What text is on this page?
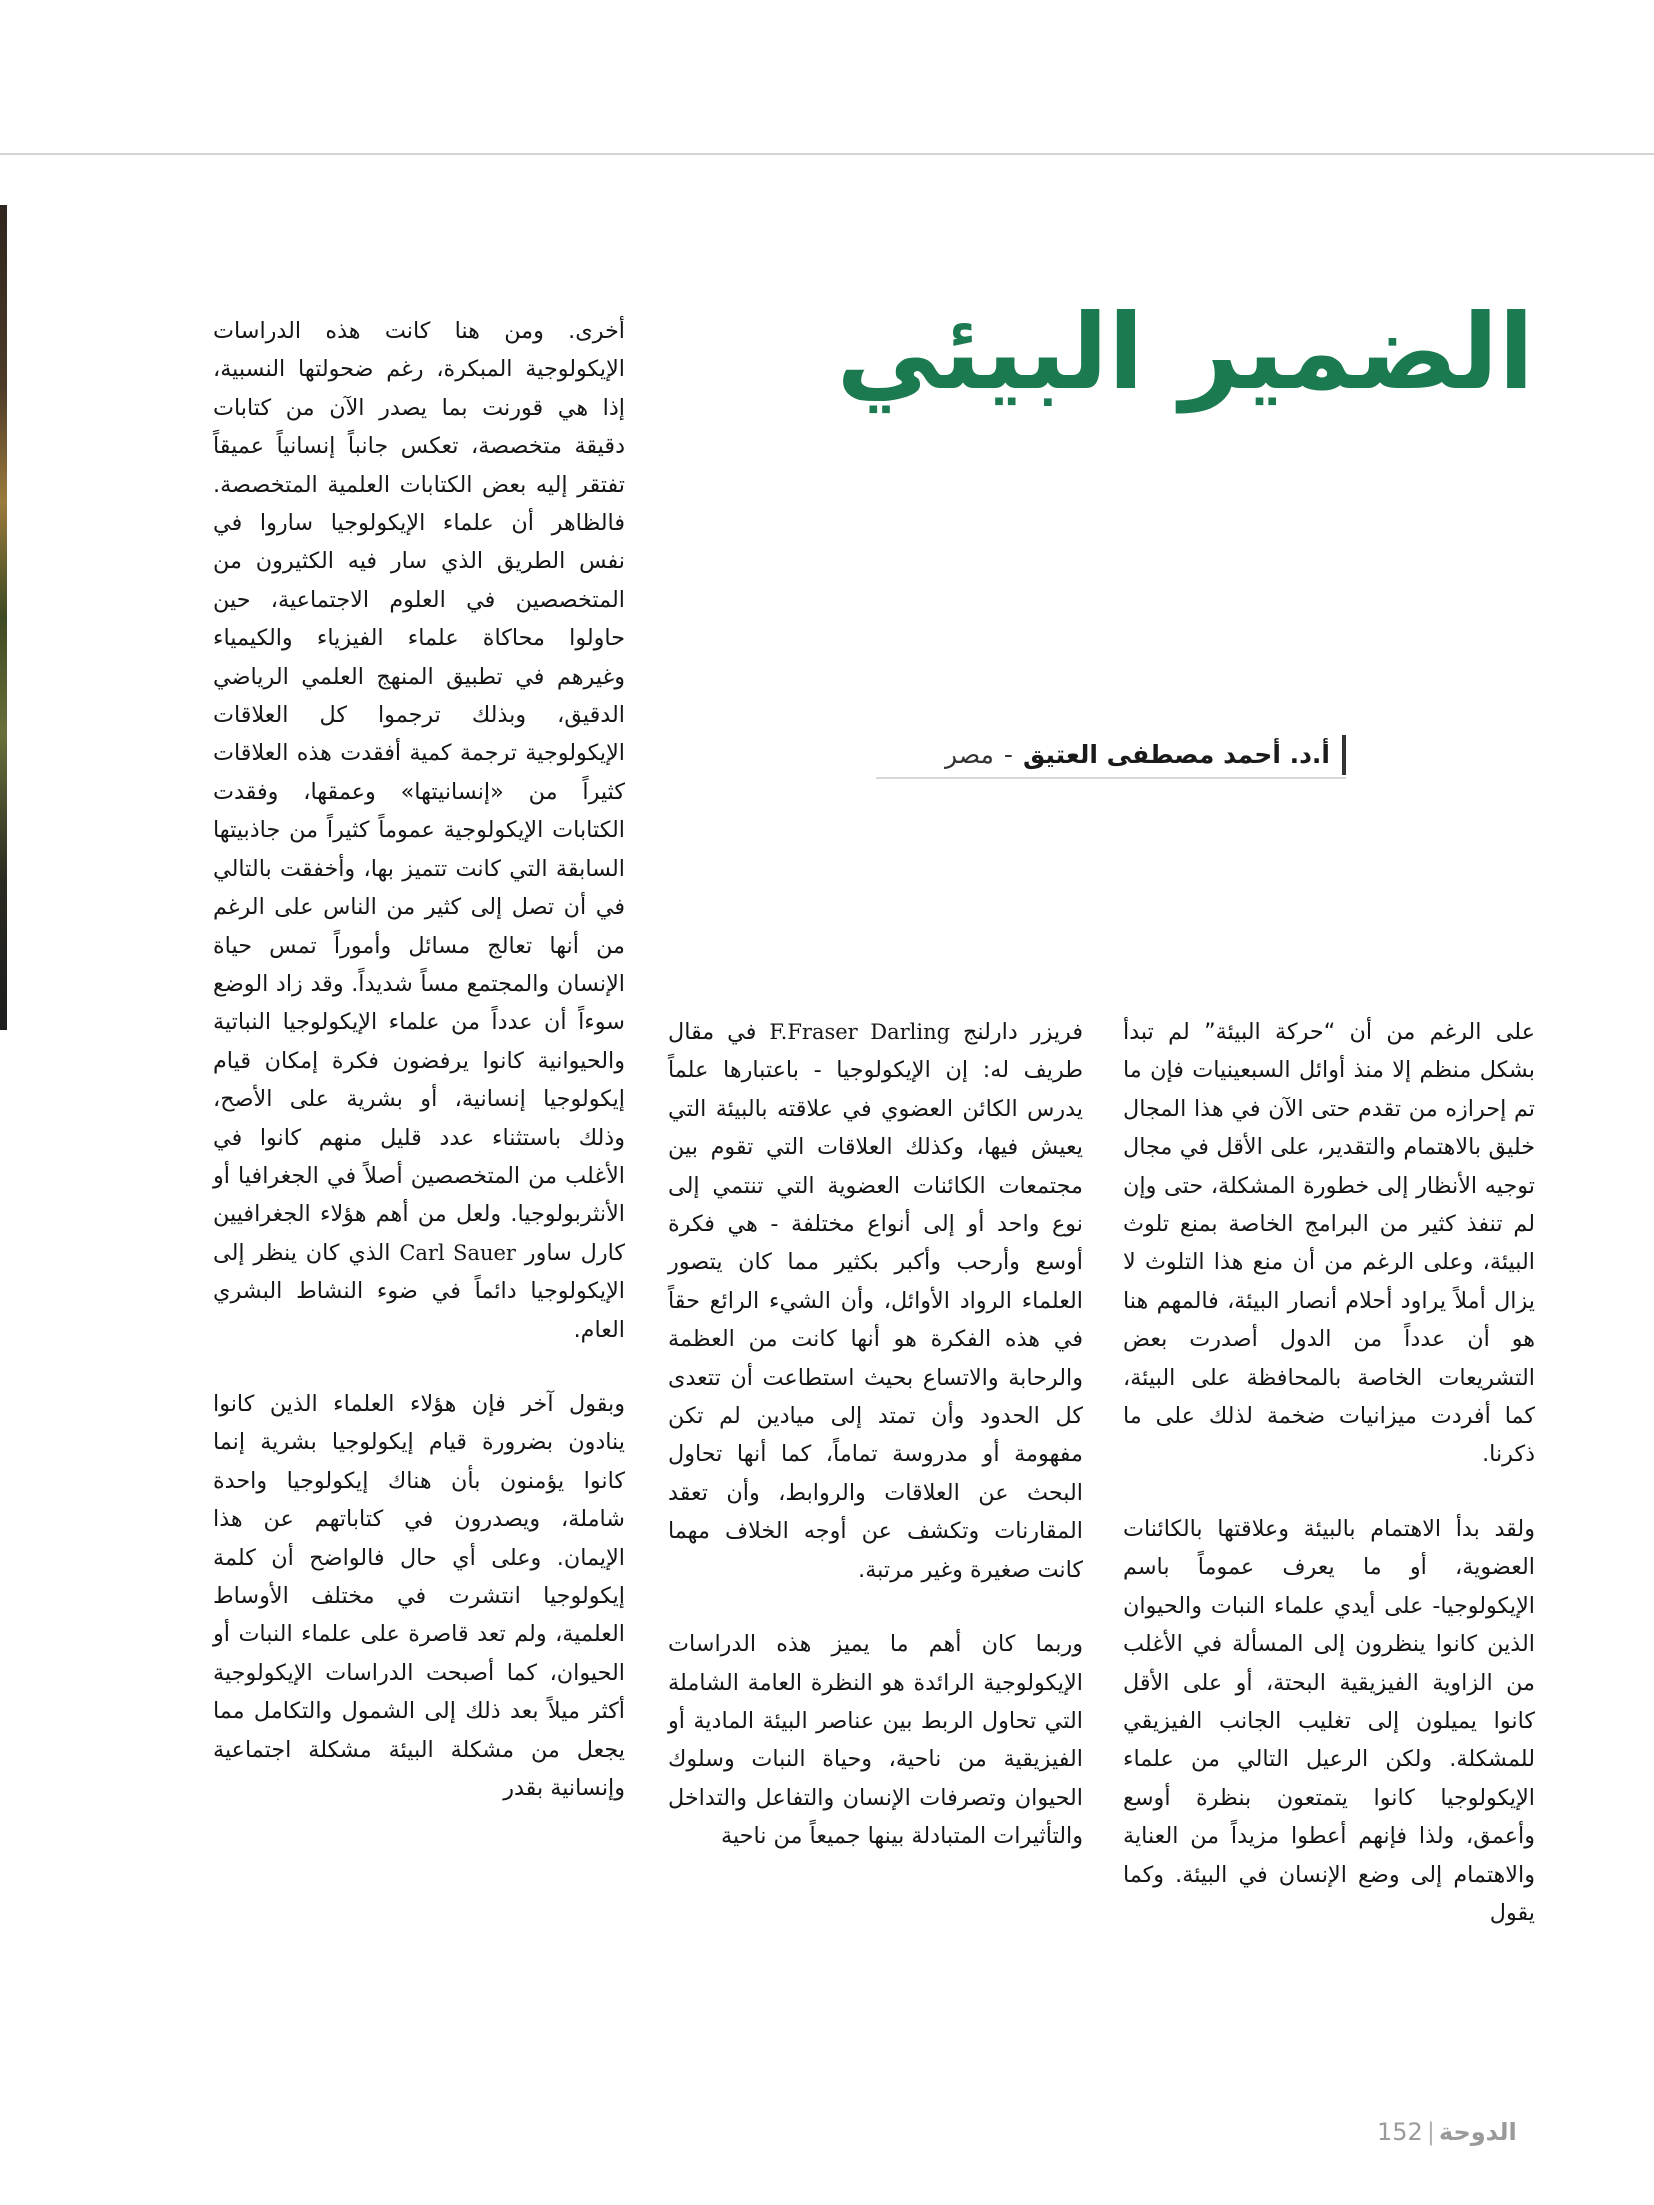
الضمير البيئي
أ.د. أحمد مصطفى العتيق-مصر

على الرغم من أن “حركة البيئة” لم تبدأ بشكل منظم إلا منذ أوائل السبعينيات فإن ما تم إحرازه من تقدم حتى الآن في هذا المجال خليق بالاهتمام والتقدير، على الأقل في مجال توجيه الأنظار إلى خطورة المشكلة، حتى وإن لم تنفذ كثير من البرامج الخاصة بمنع تلوث البيئة، وعلى الرغم من أن منع هذا التلوث لا يزال أملاً يراود أحلام أنصار البيئة، فالمهم هنا هو أن عدداً من الدول أصدرت بعض التشريعات الخاصة بالمحافظة على البيئة، كما أفردت ميزانيات ضخمة لذلك على ما ذكرنا.

ولقد بدأ الاهتمام بالبيئة وعلاقتها بالكائنات العضوية، أو ما يعرف عموماً باسم الإيكولوجيا- على أيدي علماء النبات والحيوان الذين كانوا ينظرون إلى المسألة في الأغلب من الزاوية الفيزيقية البحتة، أو على الأقل كانوا يميلون إلى تغليب الجانب الفيزيقي للمشكلة. ولكن الرعيل التالي من علماء الإيكولوجيا كانوا يتمتعون بنظرة أوسع وأعمق، ولذا فإنهم أعطوا مزيداً من العناية والاهتمام إلى وضع الإنسان في البيئة. وكما يقول

فريزر دارلنج F.Fraser Darling في مقال طريف له: إن الإيكولوجيا - باعتبارها علماً يدرس الكائن العضوي في علاقته بالبيئة التي يعيش فيها، وكذلك العلاقات التي تقوم بين مجتمعات الكائنات العضوية التي تنتمي إلى نوع واحد أو إلى أنواع مختلفة - هي فكرة أوسع وأرحب وأكبر بكثير مما كان يتصور العلماء الرواد الأوائل، وأن الشيء الرائع حقاً في هذه الفكرة هو أنها كانت من العظمة والرحابة والاتساع بحيث استطاعت أن تتعدى كل الحدود وأن تمتد إلى ميادين لم تكن مفهومة أو مدروسة تماماً، كما أنها تحاول البحث عن العلاقات والروابط، وأن تعقد المقارنات وتكشف عن أوجه الخلاف مهما كانت صغيرة وغير مرتبة.

وربما كان أهم ما يميز هذه الدراسات الإيكولوجية الرائدة هو النظرة العامة الشاملة التي تحاول الربط بين عناصر البيئة المادية أو الفيزيقية من ناحية، وحياة النبات وسلوك الحيوان وتصرفات الإنسان والتفاعل والتداخل والتأثيرات المتبادلة بينها جميعاً من ناحية

أخرى. ومن هنا كانت هذه الدراسات الإيكولوجية المبكرة، رغم ضحولتها النسبية، إذا هي قورنت بما يصدر الآن من كتابات دقيقة متخصصة، تعكس جانباً إنسانياً عميقاً تفتقر إليه بعض الكتابات العلمية المتخصصة. فالظاهر أن علماء الإيكولوجيا ساروا في نفس الطريق الذي سار فيه الكثيرون من المتخصصين في العلوم الاجتماعية، حين حاولوا محاكاة علماء الفيزياء والكيمياء وغيرهم في تطبيق المنهج العلمي الرياضي الدقيق، وبذلك ترجموا كل العلاقات الإيكولوجية ترجمة كمية أفقدت هذه العلاقات كثيراً من «إنسانيتها» وعمقها، وفقدت الكتابات الإيكولوجية عموماً كثيراً من جاذبيتها السابقة التي كانت تتميز بها، وأخفقت بالتالي في أن تصل إلى كثير من الناس على الرغم من أنها تعالج مسائل وأموراً تمس حياة الإنسان والمجتمع مساً شديداً. وقد زاد الوضع سوءاً أن عدداً من علماء الإيكولوجيا النباتية والحيوانية كانوا يرفضون فكرة إمكان قيام إيكولوجيا إنسانية، أو بشرية على الأصح، وذلك باستثناء عدد قليل منهم كانوا في الأغلب من المتخصصين أصلاً في الجغرافيا أو الأنثربولوجيا. ولعل من أهم هؤلاء الجغرافيين كارل ساور Carl Sauer الذي كان ينظر إلى الإيكولوجيا دائماً في ضوء النشاط البشري العام.

وبقول آخر فإن هؤلاء العلماء الذين كانوا ينادون بضرورة قيام إيكولوجيا بشرية إنما كانوا يؤمنون بأن هناك إيكولوجيا واحدة شاملة، ويصدرون في كتاباتهم عن هذا الإيمان. وعلى أي حال فالواضح أن كلمة إيكولوجيا انتشرت في مختلف الأوساط العلمية، ولم تعد قاصرة على علماء النبات أو الحيوان، كما أصبحت الدراسات الإيكولوجية أكثر ميلاً بعد ذلك إلى الشمول والتكامل مما يجعل من مشكلة البيئة مشكلة اجتماعية وإنسانية بقدر

الدوحة|152
